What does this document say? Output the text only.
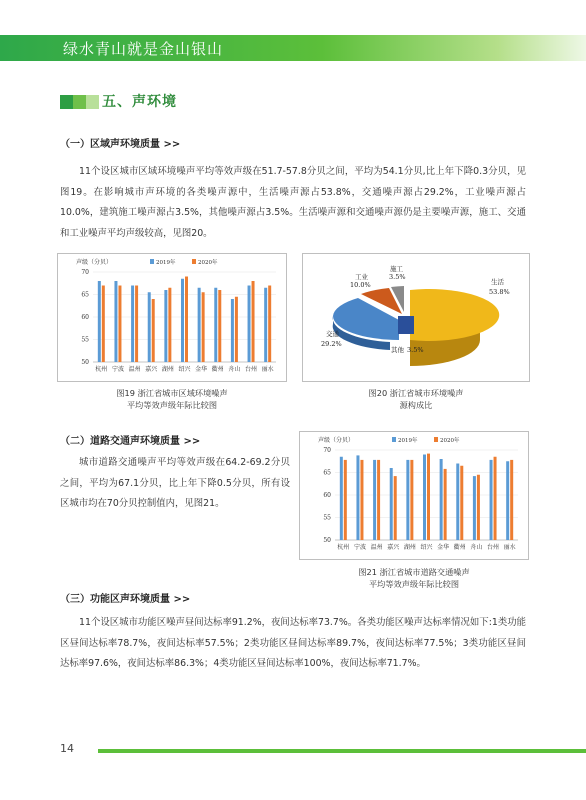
绿水青山就是金山银山
五、声环境
（一）区域声环境质量 >>
11个设区城市区域环境噪声平均等效声级在51.7-57.8分贝之间，平均为54.1分贝,比上年下降0.3分贝，见图19。在影响城市声环境的各类噪声源中，生活噪声源占53.8%，交通噪声源占29.2%，工业噪声源占10.0%，建筑施工噪声源占3.5%，其他噪声源占3.5%。生活噪声源和交通噪声源仍是主要噪声源，施工、交通和工业噪声平均声级较高，见图20。
声级（分贝）	2019年	2020年
50
55
60
65
70
杭州 宁波 温州 嘉兴 湖州 绍兴 金华 衢州 舟山 台州 丽水
图19 浙江省城市区域环境噪声
平均等效声级年际比较图
生活
53.8%
交通
29.2%
其他 3.5%
工业
10.0%
施工
3.5%
图20 浙江省城市环境噪声
源构成比
（二）道路交通声环境质量 >>
城市道路交通噪声平均等效声级在64.2-69.2分贝之间，平均为67.1分贝，比上年下降0.5分贝，所有设区城市均在70分贝控制值内，见图21。
声级（分贝）	2019年	2020年
50
55
60
65
70
杭州 宁波 温州 嘉兴 湖州 绍兴 金华 衢州 舟山 台州 丽水
图21 浙江省城市道路交通噪声
平均等效声级年际比较图
（三）功能区声环境质量 >>
11个设区城市功能区噪声昼间达标率91.2%，夜间达标率73.7%。各类功能区噪声达标率情况如下:1类功能区昼间达标率78.7%，夜间达标率57.5%；2类功能区昼间达标率89.7%，夜间达标率77.5%；3类功能区昼间达标率97.6%，夜间达标率86.3%；4类功能区昼间达标率100%，夜间达标率71.7%。
14
